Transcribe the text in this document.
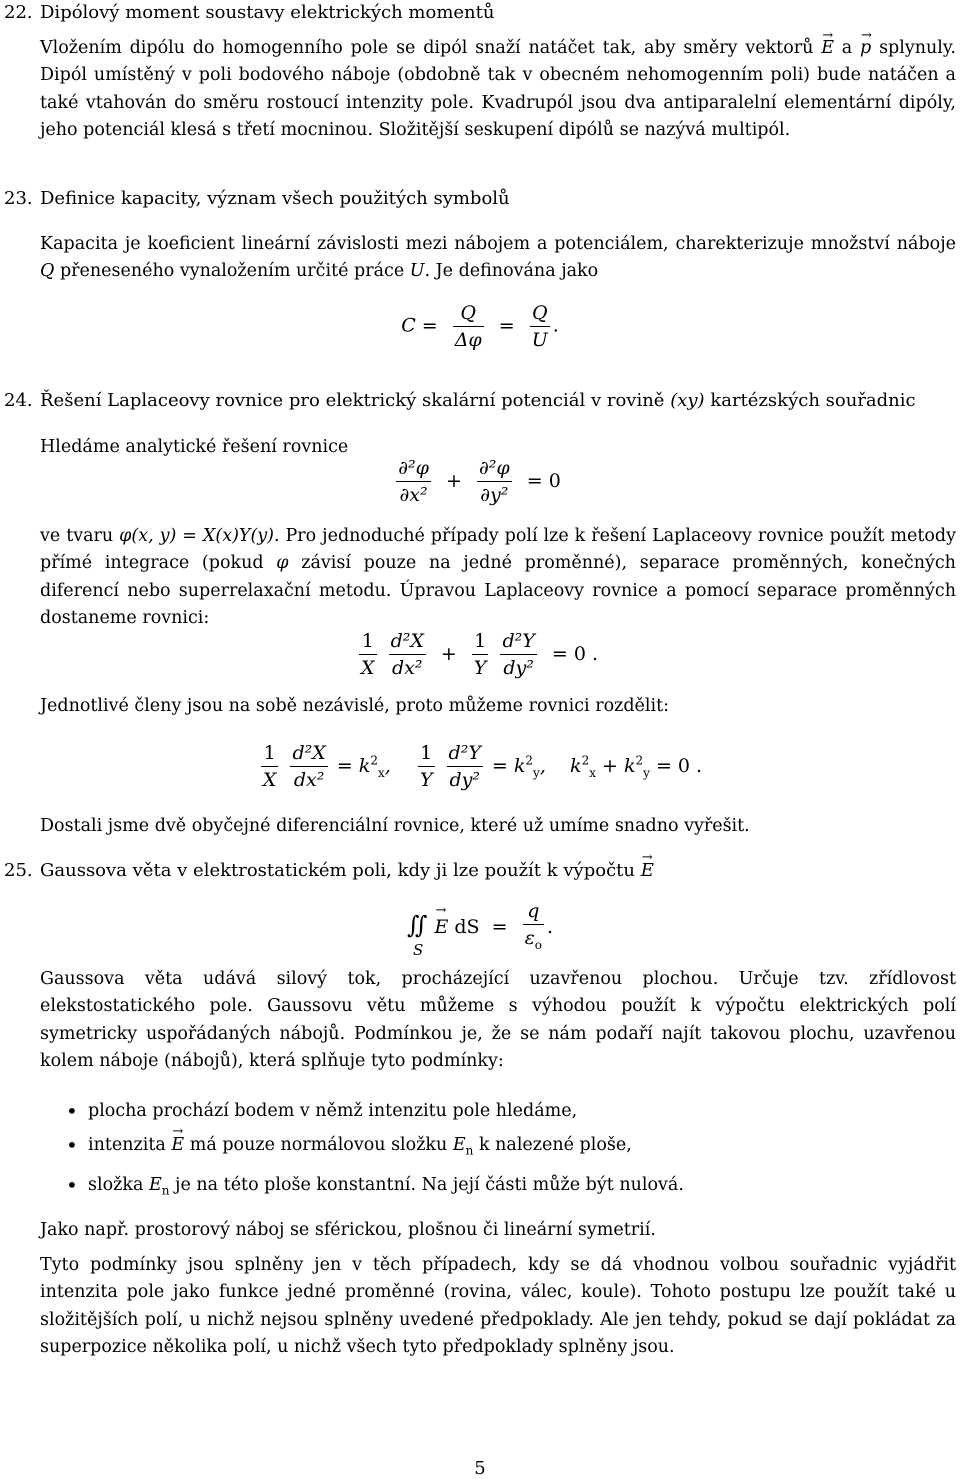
22. Dipólový moment soustavy elektrických momentů
Vložením dipólu do homogenního pole se dipól snaží natáčet tak, aby směry vektorů → E a → p splynuly. Dipól umístěný v poli bodového náboje (obdobně tak v obecném nehomogenním poli) bude natáčen a také vtahován do směru rostoucí intenzity pole. Kvadrupól jsou dva antiparalelní elementární dipóly, jeho potenciál klesá s třetí mocninou. Složitější seskupení dipólů se nazývá multipól.
23. Definice kapacity, význam všech použitých symbolů
Kapacita je koeficient lineární závislosti mezi nábojem a potenciálem, charekterizuje množství náboje Q přeneseného vynaložením určité práce U. Je definována jako
$C = \frac{Q}{\Delta\varphi} = \frac{Q}{U}$ .
24. Řešení Laplaceovy rovnice pro elektrický skalární potenciál v rovině (xy) kartézských souřadnic
Hledáme analytické řešení rovnice
$\frac{\text{∂²φ}}{\text{∂x²}} + \frac{\text{∂²φ}}{\text{∂y²}} = 0$
ve tvaru φ(x, y) = X(x)Y(y). Pro jednoduché případy polí lze k řešení Laplaceovy rovnice použít metody přímé integrace (pokud φ závisí pouze na jedné proměnné), separace proměnných, konečných diferencí nebo superrelaxační metodu. Úpravou Laplaceovy rovnice a pomocí separace proměnných dostaneme rovnici:
$\frac{1}{X}$
$\frac{\text{d²X}}{\text{dx²}} + \frac{1}{Y}$
$\frac{\text{d²Y}}{\text{dy²}} = 0$ .
Jednotlivé členy jsou na sobě nezávislé, proto můžeme rovnici rozdělit:
$\frac{1}{X}$
$\frac{\text{d²X}}{\text{dx²}} = k^2_x$, $\frac{1}{Y}$
$\frac{\text{d²Y}}{\text{dy²}} = k^2_y$, $k^2_x + k^2_y = 0$ .
Dostali jsme dvě obyčejné diferenciální rovnice, které už umíme snadno vyřešit.
25. Gaussova věta v elektrostatickém poli, kdy ji lze použít k výpočtu → E
∬
S
→ E dS = $\frac{q}{\varepsilon_o}$ .
Gaussova věta udává silový tok, procházející uzavřenou plochou. Určuje tzv. zřídlovost elekstostatického pole. Gaussovu větu můžeme s výhodou použít k výpočtu elektrických polí symetricky uspořádaných nábojů. Podmínkou je, že se nám podaří najít takovou plochu, uzavřenou kolem náboje (nábojů), která splňuje tyto podmínky:
• plocha prochází bodem v němž intenzitu pole hledáme,
• intenzita → E má pouze normálovou složku $E_n$ k nalezené ploše,
• složka $E_n$ je na této ploše konstantní. Na její části může být nulová.
Jako např. prostorový náboj se sférickou, plošnou či lineární symetrií.
Tyto podmínky jsou splněny jen v těch případech, kdy se dá vhodnou volbou souřadnic vyjádřit intenzita pole jako funkce jedné proměnné (rovina, válec, koule). Tohoto postupu lze použít také u složitějších polí, u nichž nejsou splněny uvedené předpoklady. Ale jen tehdy, pokud se dají pokládat za superpozice několika polí, u nichž všech tyto předpoklady splněny jsou.
5
